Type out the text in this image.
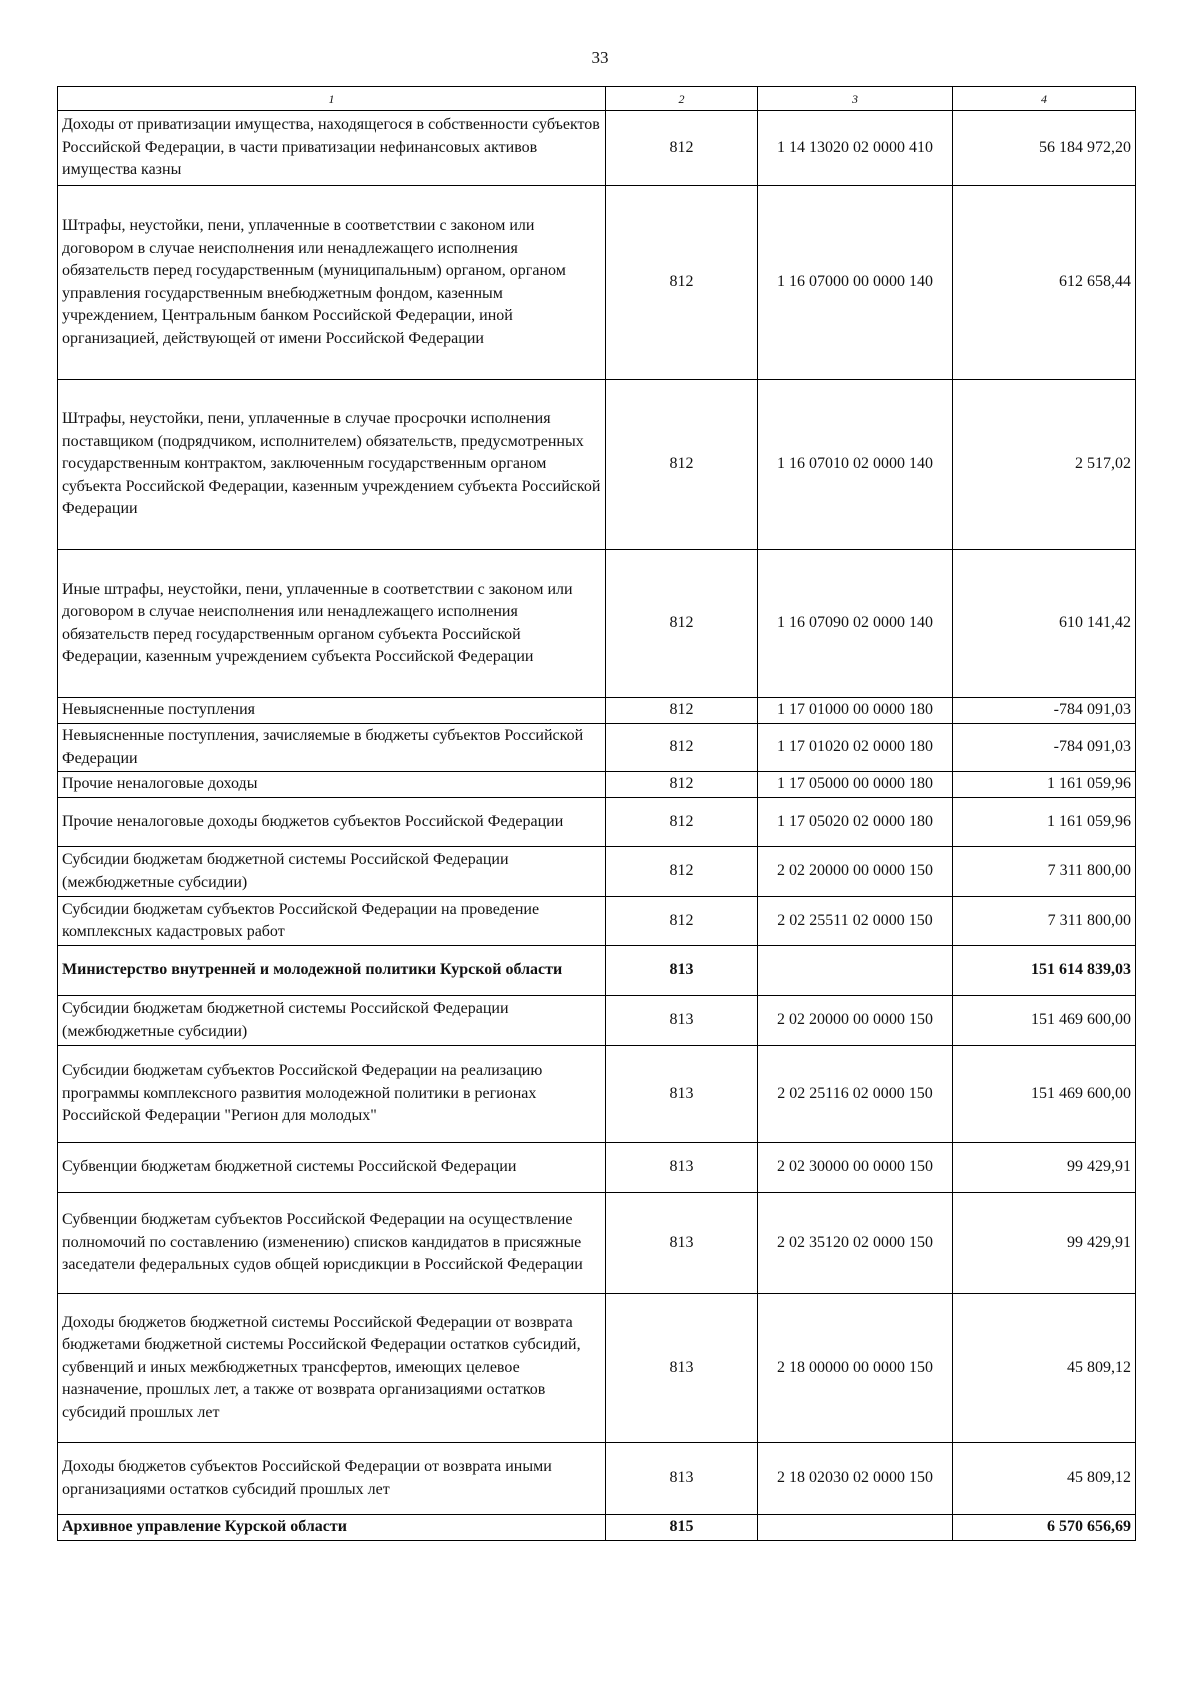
33
1	2	3	4
Доходы от приватизации имущества, находящегося в собственности субъектов Российской Федерации, в части приватизации нефинансовых активов имущества казны	812	1 14 13020 02 0000 410	56 184 972,20
Штрафы, неустойки, пени, уплаченные в соответствии с законом или договором в случае неисполнения или ненадлежащего исполнения обязательств перед государственным (муниципальным) органом, органом управления государственным внебюджетным фондом, казенным учреждением, Центральным банком Российской Федерации, иной организацией, действующей от имени Российской Федерации	812	1 16 07000 00 0000 140	612 658,44
Штрафы, неустойки, пени, уплаченные в случае просрочки исполнения поставщиком (подрядчиком, исполнителем) обязательств, предусмотренных государственным контрактом, заключенным государственным органом субъекта Российской Федерации, казенным учреждением субъекта Российской Федерации	812	1 16 07010 02 0000 140	2 517,02
Иные штрафы, неустойки, пени, уплаченные в соответствии с законом или договором в случае неисполнения или ненадлежащего исполнения обязательств перед государственным органом субъекта Российской Федерации, казенным учреждением субъекта Российской Федерации	812	1 16 07090 02 0000 140	610 141,42
Невыясненные поступления	812	1 17 01000 00 0000 180	-784 091,03
Невыясненные поступления, зачисляемые в бюджеты субъектов Российской Федерации	812	1 17 01020 02 0000 180	-784 091,03
Прочие неналоговые доходы	812	1 17 05000 00 0000 180	1 161 059,96
Прочие неналоговые доходы бюджетов субъектов Российской Федерации	812	1 17 05020 02 0000 180	1 161 059,96
Субсидии бюджетам бюджетной системы Российской Федерации (межбюджетные субсидии)	812	2 02 20000 00 0000 150	7 311 800,00
Субсидии бюджетам субъектов Российской Федерации на проведение комплексных кадастровых работ	812	2 02 25511 02 0000 150	7 311 800,00
Министерство внутренней и молодежной политики Курской области	813		151 614 839,03
Субсидии бюджетам бюджетной системы Российской Федерации (межбюджетные субсидии)	813	2 02 20000 00 0000 150	151 469 600,00
Субсидии бюджетам субъектов Российской Федерации на реализацию программы комплексного развития молодежной политики в регионах Российской Федерации "Регион для молодых"	813	2 02 25116 02 0000 150	151 469 600,00
Субвенции бюджетам бюджетной системы Российской Федерации	813	2 02 30000 00 0000 150	99 429,91
Субвенции бюджетам субъектов Российской Федерации на осуществление полномочий по составлению (изменению) списков кандидатов в присяжные заседатели федеральных судов общей юрисдикции в Российской Федерации	813	2 02 35120 02 0000 150	99 429,91
Доходы бюджетов бюджетной системы Российской Федерации от возврата бюджетами бюджетной системы Российской Федерации остатков субсидий, субвенций и иных межбюджетных трансфертов, имеющих целевое назначение, прошлых лет, а также от возврата организациями остатков субсидий прошлых лет	813	2 18 00000 00 0000 150	45 809,12
Доходы бюджетов субъектов Российской Федерации от возврата иными организациями остатков субсидий прошлых лет	813	2 18 02030 02 0000 150	45 809,12
Архивное управление Курской области	815		6 570 656,69
